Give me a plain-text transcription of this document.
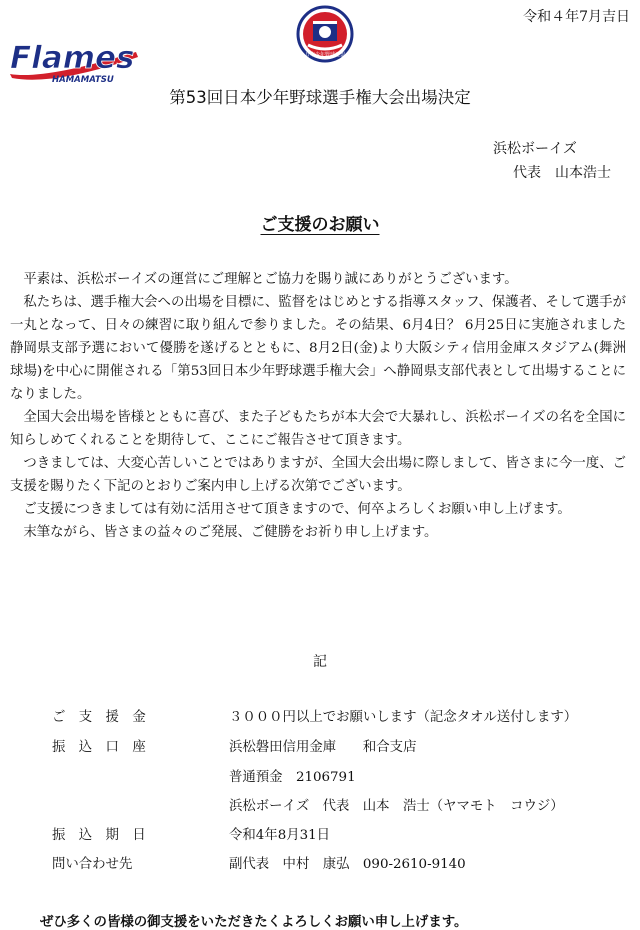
令和４年7月吉日
Flames
HAMAMATSU
日本少年野球連盟
第53回日本少年野球選手権大会出場決定
浜松ボーイズ
代表　山本浩士
ご支援のお願い

平素は、浜松ボーイズの運営にご理解とご協力を賜り誠にありがとうございます。

私たちは、選手権大会への出場を目標に、監督をはじめとする指導スタッフ、保護者、そして選手が一丸となって、日々の練習に取り組んで参りました。その結果、6月4日？ 6月25日に実施されました静岡県支部予選において優勝を遂げるとともに、8月2日(金)より大阪シティ信用金庫スタジアム(舞洲球場)を中心に開催される「第53回日本少年野球選手権大会」へ静岡県支部代表として出場することになりました。

全国大会出場を皆様とともに喜び、また子どもたちが本大会で大暴れし、浜松ボーイズの名を全国に知らしめてくれることを期待して、ここにご報告させて頂きます。

つきましては、大変心苦しいことではありますが、全国大会出場に際しまして、皆さまに今一度、ご支援を賜りたく下記のとおりご案内申し上げる次第でございます。

ご支援につきましては有効に活用させて頂きますので、何卒よろしくお願い申し上げます。

末筆ながら、皆さまの益々のご発展、ご健勝をお祈り申し上げます。

記
ご　支　援　金	３０００円以上でお願いします（記念タオル送付します）
振　込　口　座	浜松磐田信用金庫　　和合支店
普通預金　2106791
浜松ボーイズ　代表　山本　浩士（ヤマモト　コウジ）
振　込　期　日	令和4年8月31日
問い合わせ先	副代表　中村　康弘　090-2610-9140
ぜひ多くの皆様の御支援をいただきたくよろしくお願い申し上げます。
